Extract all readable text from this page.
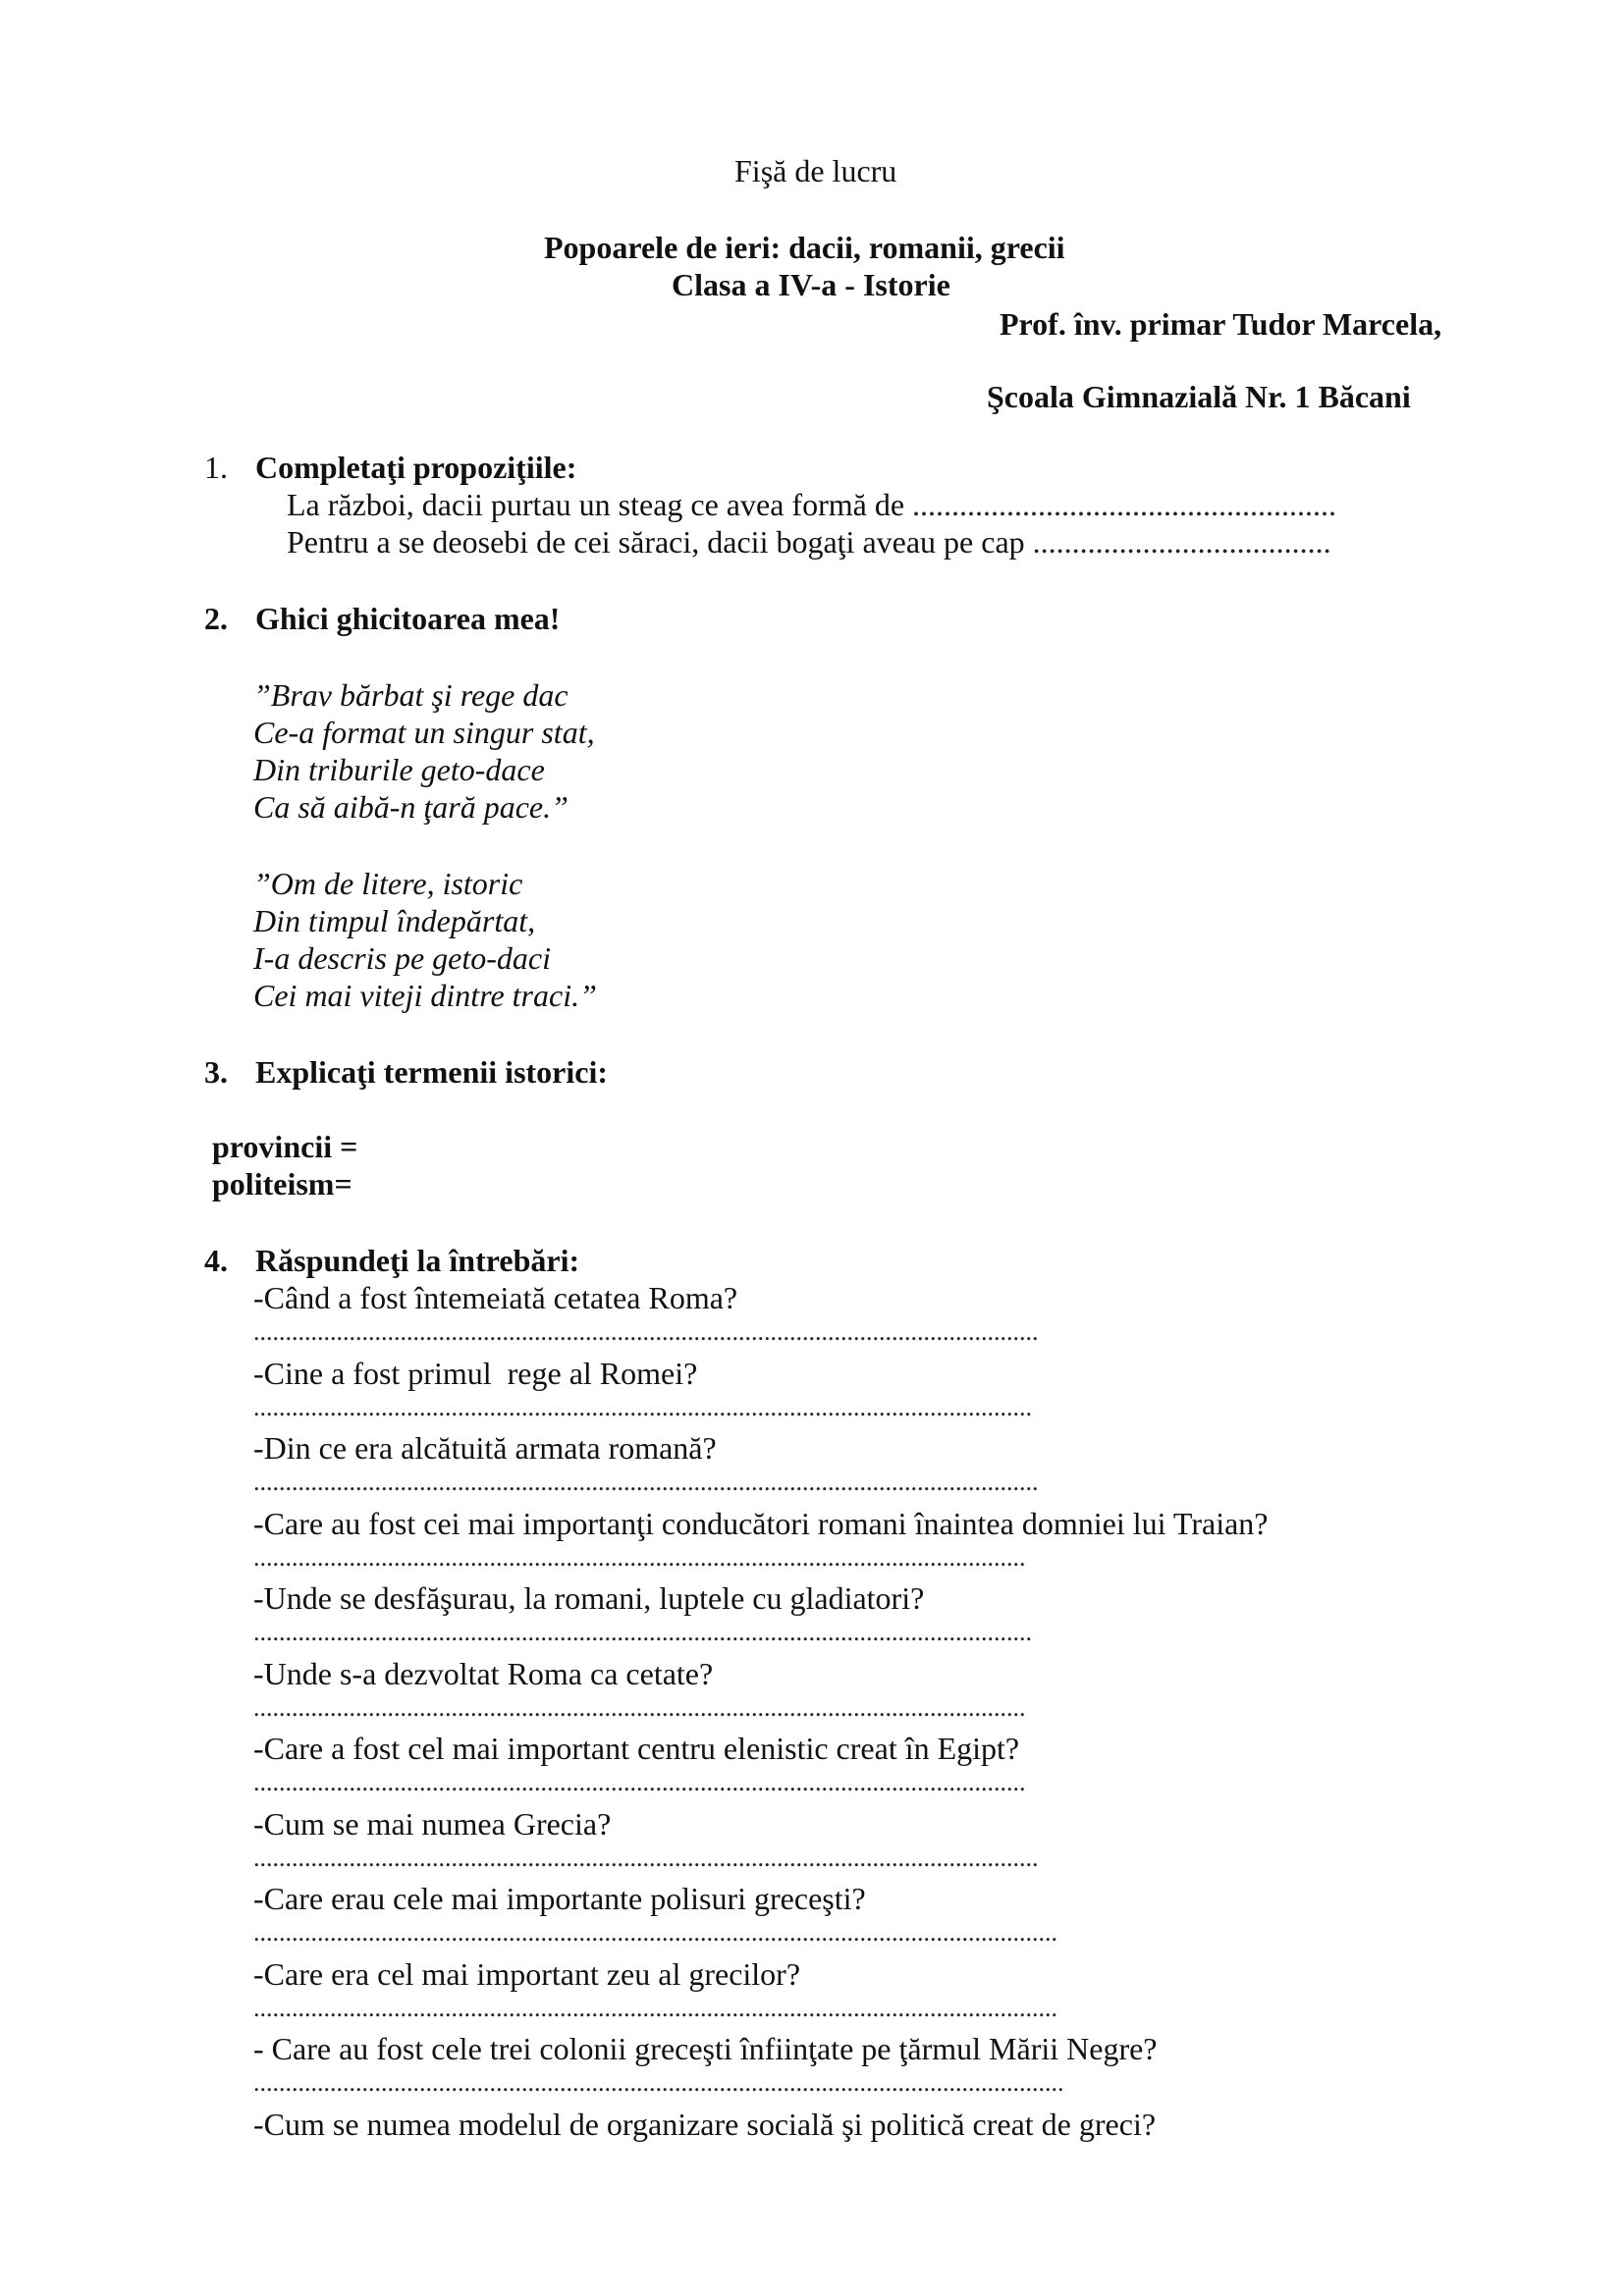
Fişă de lucru
Popoarele de ieri: dacii, romanii, grecii
Clasa a IV-a - Istorie
Prof. înv. primar Tudor Marcela,
Şcoala Gimnazială Nr. 1 Băcani
1. Completaţi propoziţiile:
La război, dacii purtau un steag ce avea formă de ......................................................
Pentru a se deosebi de cei săraci, dacii bogaţi aveau pe cap ......................................
2. Ghici ghicitoarea mea!
”Brav bărbat şi rege dac
Ce-a format un singur stat,
Din triburile geto-dace
Ca să aibă-n ţară pace.”
”Om de litere, istoric
Din timpul îndepărtat,
I-a descris pe geto-daci
Cei mai viteji dintre traci.”
3. Explicaţi termenii istorici:
provincii =
politeism=
4. Răspundeţi la întrebări:
-Când a fost întemeiată cetatea Roma?
...........................................................................................................................
-Cine a fost primul  rege al Romei?
..........................................................................................................................
-Din ce era alcătuită armata romană?
...........................................................................................................................
-Care au fost cei mai importanţi conducători romani înaintea domniei lui Traian?
.........................................................................................................................
-Unde se desfăşurau, la romani, luptele cu gladiatori?
..........................................................................................................................
-Unde s-a dezvoltat Roma ca cetate?
.........................................................................................................................
-Care a fost cel mai important centru elenistic creat în Egipt?
.........................................................................................................................
-Cum se mai numea Grecia?
...........................................................................................................................
-Care erau cele mai importante polisuri greceşti?
..............................................................................................................................
-Care era cel mai important zeu al grecilor?
..............................................................................................................................
- Care au fost cele trei colonii greceşti înfiinţate pe ţărmul Mării Negre?
...............................................................................................................................
-Cum se numea modelul de organizare socială şi politică creat de greci?
